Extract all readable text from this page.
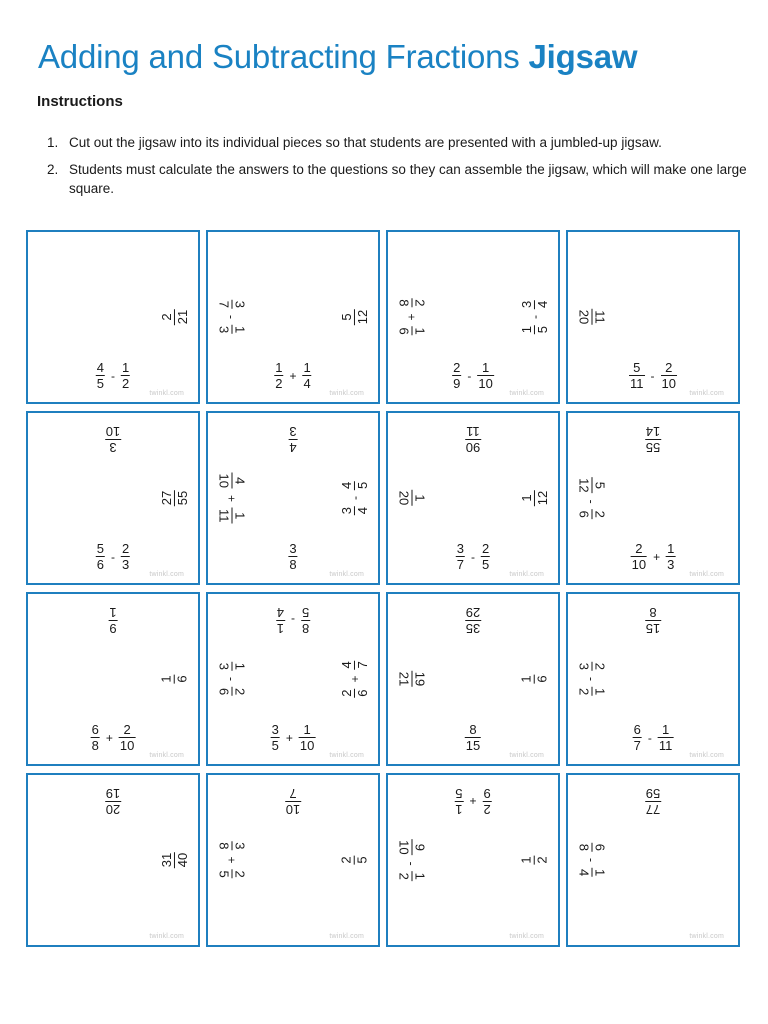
Adding and Subtracting Fractions Jigsaw
Instructions
1. Cut out the jigsaw into its individual pieces so that students are presented with a jumbled-up jigsaw.
2. Students must calculate the answers to the questions so they can assemble the jigsaw, which will make one large square.
2 21
$\frac{4}{5} - \frac{1}{2}$
twinkl.com
5 12
$\frac{1}{2} + \frac{1}{4}$
3
7
-
1
3
twinkl.com
1 5
-
3 4
$\frac{2}{9} - \frac{1}{10}$
2
8
+
1
6
twinkl.com
$\frac{5}{11} - \frac{2}{10}$
11
20
twinkl.com
3
10
27 55
$\frac{5}{6} - \frac{2}{3}$
twinkl.com
4
3
3 4
-
4 5
$\frac{3}{8}$
4
10
+
1
11
twinkl.com
90
11
1 12
$\frac{3}{7} - \frac{2}{5}$
1
20
twinkl.com
55
14
$\frac{2}{10} + \frac{1}{3}$
5
12
-
2
6
twinkl.com
9
1
1 6
$\frac{6}{8} + \frac{2}{10}$
twinkl.com
8
5
-
1
4
2 6
+
4 7
$\frac{3}{5} + \frac{1}{10}$
1
3
-
2
6
twinkl.com
35
29
1 6
$\frac{8}{15}$
19
21
twinkl.com
15
8
$\frac{6}{7} - \frac{1}{11}$
2
3
-
1
2
twinkl.com
20
19
31 40
twinkl.com
10
7
2 5
3
8
+
2
5
twinkl.com
2
9
+
1
5
1 2
9
10
-
1
2
twinkl.com
77
59
6
8
-
1
4
twinkl.com
